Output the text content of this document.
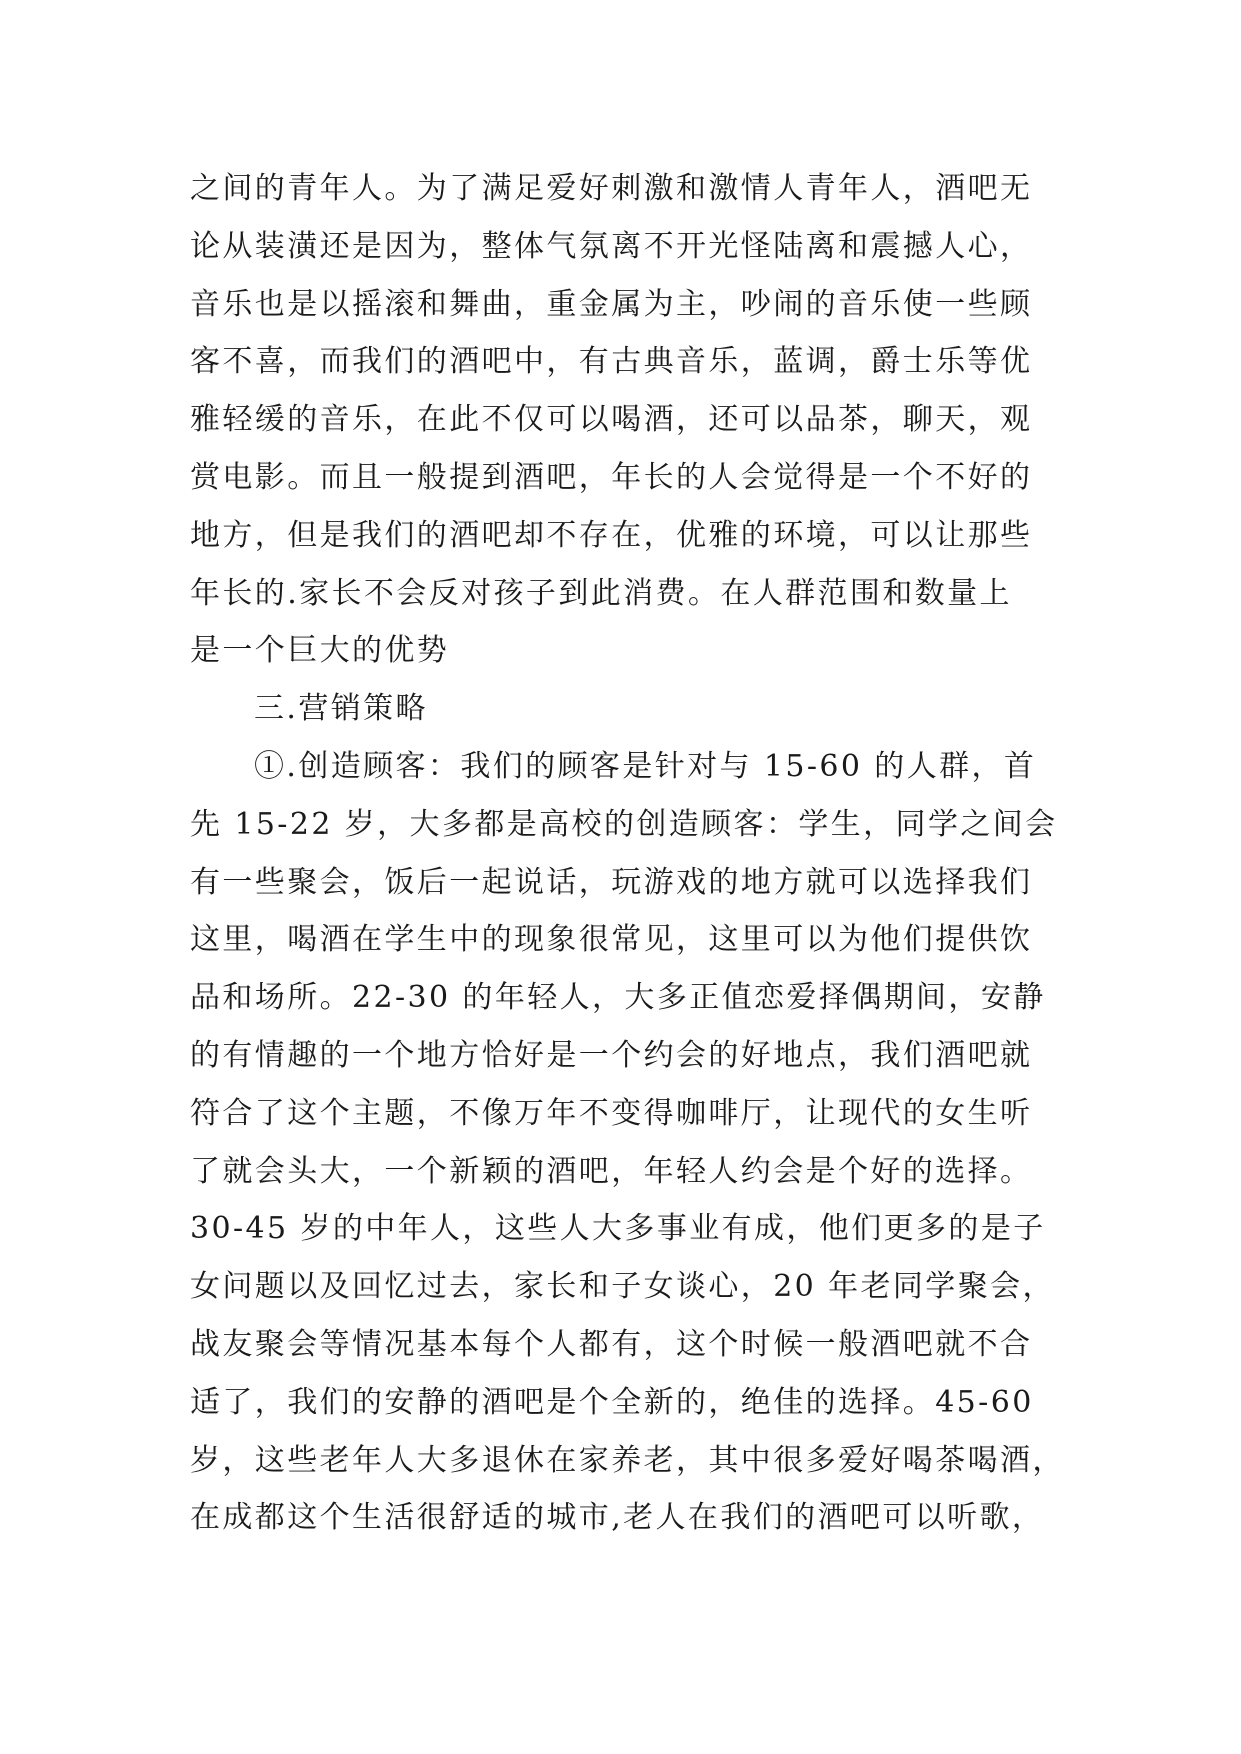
之间的青年人。为了满足爱好刺激和激情人青年人，酒吧无
论从装潢还是因为，整体气氛离不开光怪陆离和震撼人心，
音乐也是以摇滚和舞曲，重金属为主，吵闹的音乐使一些顾
客不喜，而我们的酒吧中，有古典音乐，蓝调，爵士乐等优
雅轻缓的音乐，在此不仅可以喝酒，还可以品茶，聊天，观
赏电影。而且一般提到酒吧，年长的人会觉得是一个不好的
地方，但是我们的酒吧却不存在，优雅的环境，可以让那些
年长的.家长不会反对孩子到此消费。在人群范围和数量上
是一个巨大的优势
三.营销策略
①.创造顾客：我们的顾客是针对与 15-60 的人群，首
先 15-22 岁，大多都是高校的创造顾客：学生，同学之间会
有一些聚会，饭后一起说话，玩游戏的地方就可以选择我们
这里，喝酒在学生中的现象很常见，这里可以为他们提供饮
品和场所。22-30 的年轻人，大多正值恋爱择偶期间，安静
的有情趣的一个地方恰好是一个约会的好地点，我们酒吧就
符合了这个主题，不像万年不变得咖啡厅，让现代的女生听
了就会头大，一个新颖的酒吧，年轻人约会是个好的选择。
30-45 岁的中年人，这些人大多事业有成，他们更多的是子
女问题以及回忆过去，家长和子女谈心，20 年老同学聚会，
战友聚会等情况基本每个人都有，这个时候一般酒吧就不合
适了，我们的安静的酒吧是个全新的，绝佳的选择。45-60
岁，这些老年人大多退休在家养老，其中很多爱好喝茶喝酒，
在成都这个生活很舒适的城市,老人在我们的酒吧可以听歌，
